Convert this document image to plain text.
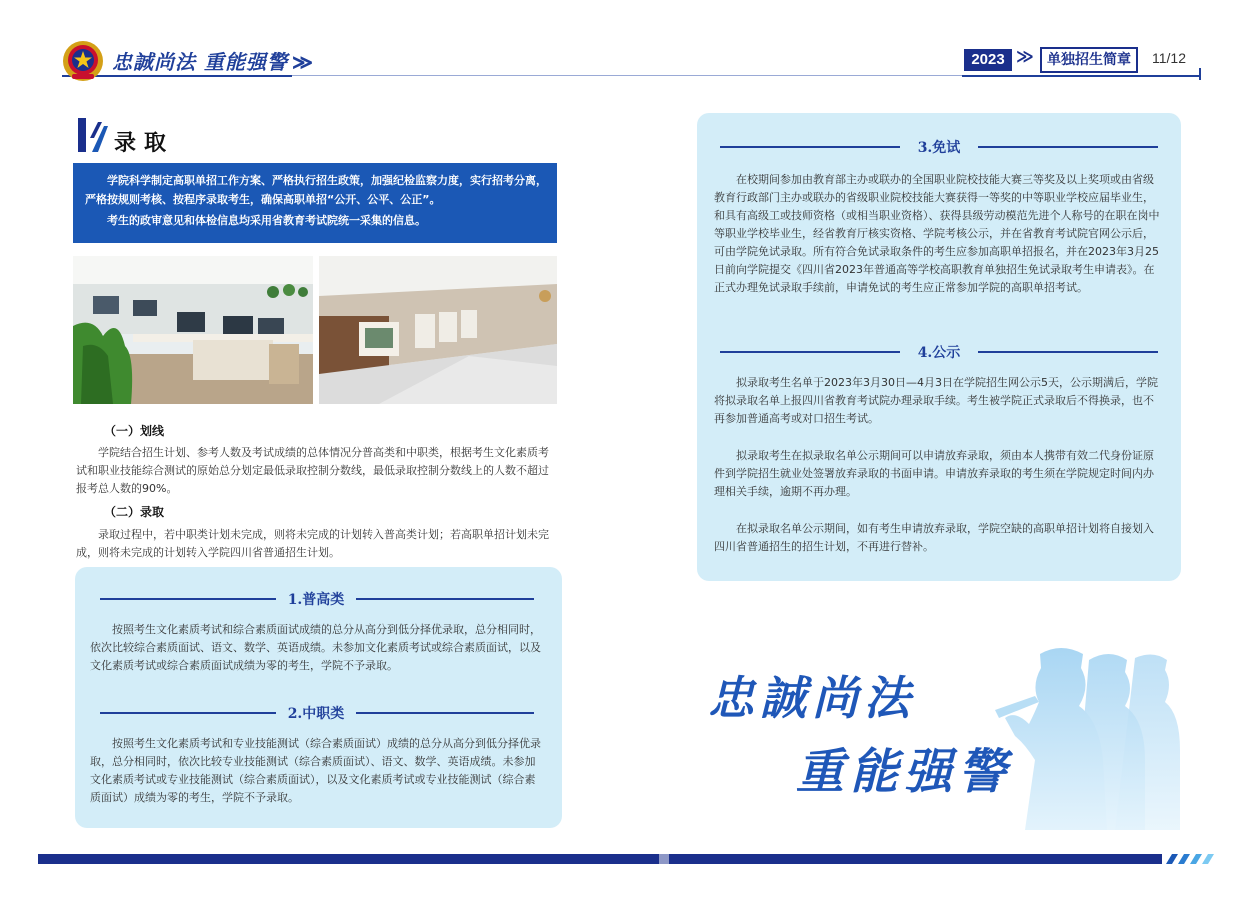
忠誠尚法 重能强警 ≫	2023 ≫ 单独招生简章	11/12
录取

学院科学制定高职单招工作方案、严格执行招生政策，加强纪检监察力度，实行招考分离，严格按规则考核、按程序录取考生，确保高职单招“公开、公平、公正”。

考生的政审意见和体检信息均采用省教育考试院统一采集的信息。

（一）划线
学院结合招生计划、参考人数及考试成绩的总体情况分普高类和中职类，根据考生文化素质考试和职业技能综合测试的原始总分划定最低录取控制分数线，最低录取控制分数线上的人数不超过报考总人数的90%。
（二）录取
录取过程中，若中职类计划未完成，则将未完成的计划转入普高类计划；若高职单招计划未完成，则将未完成的计划转入学院四川省普通招生计划。
1.普高类
按照考生文化素质考试和综合素质面试成绩的总分从高分到低分择优录取，总分相同时，依次比较综合素质面试、语文、数学、英语成绩。未参加文化素质考试或综合素质面试，以及文化素质考试或综合素质面试成绩为零的考生，学院不予录取。
2.中职类
按照考生文化素质考试和专业技能测试（综合素质面试）成绩的总分从高分到低分择优录取，总分相同时，依次比较专业技能测试（综合素质面试）、语文、数学、英语成绩。未参加文化素质考试或专业技能测试（综合素质面试），以及文化素质考试或专业技能测试（综合素质面试）成绩为零的考生，学院不予录取。
3.免试
在校期间参加由教育部主办或联办的全国职业院校技能大赛三等奖及以上奖项或由省级教育行政部门主办或联办的省级职业院校技能大赛获得一等奖的中等职业学校应届毕业生，和具有高级工或技师资格（或相当职业资格）、获得县级劳动模范先进个人称号的在职在岗中等职业学校毕业生，经省教育厅核实资格、学院考核公示，并在省教育考试院官网公示后，可由学院免试录取。所有符合免试录取条件的考生应参加高职单招报名，并在2023年3月25日前向学院提交《四川省2023年普通高等学校高职教育单独招生免试录取考生申请表》。在正式办理免试录取手续前，申请免试的考生应正常参加学院的高职单招考试。
4.公示
拟录取考生名单于2023年3月30日—4月3日在学院招生网公示5天，公示期满后，学院将拟录取名单上报四川省教育考试院办理录取手续。考生被学院正式录取后不得换录，也不再参加普通高考或对口招生考试。
拟录取考生在拟录取名单公示期间可以申请放弃录取，须由本人携带有效二代身份证原件到学院招生就业处签署放弃录取的书面申请。申请放弃录取的考生须在学院规定时间内办理相关手续，逾期不再办理。
在拟录取名单公示期间，如有考生申请放弃录取，学院空缺的高职单招计划将自接划入四川省普通招生的招生计划，不再进行替补。
忠誠尚法
重能强警
